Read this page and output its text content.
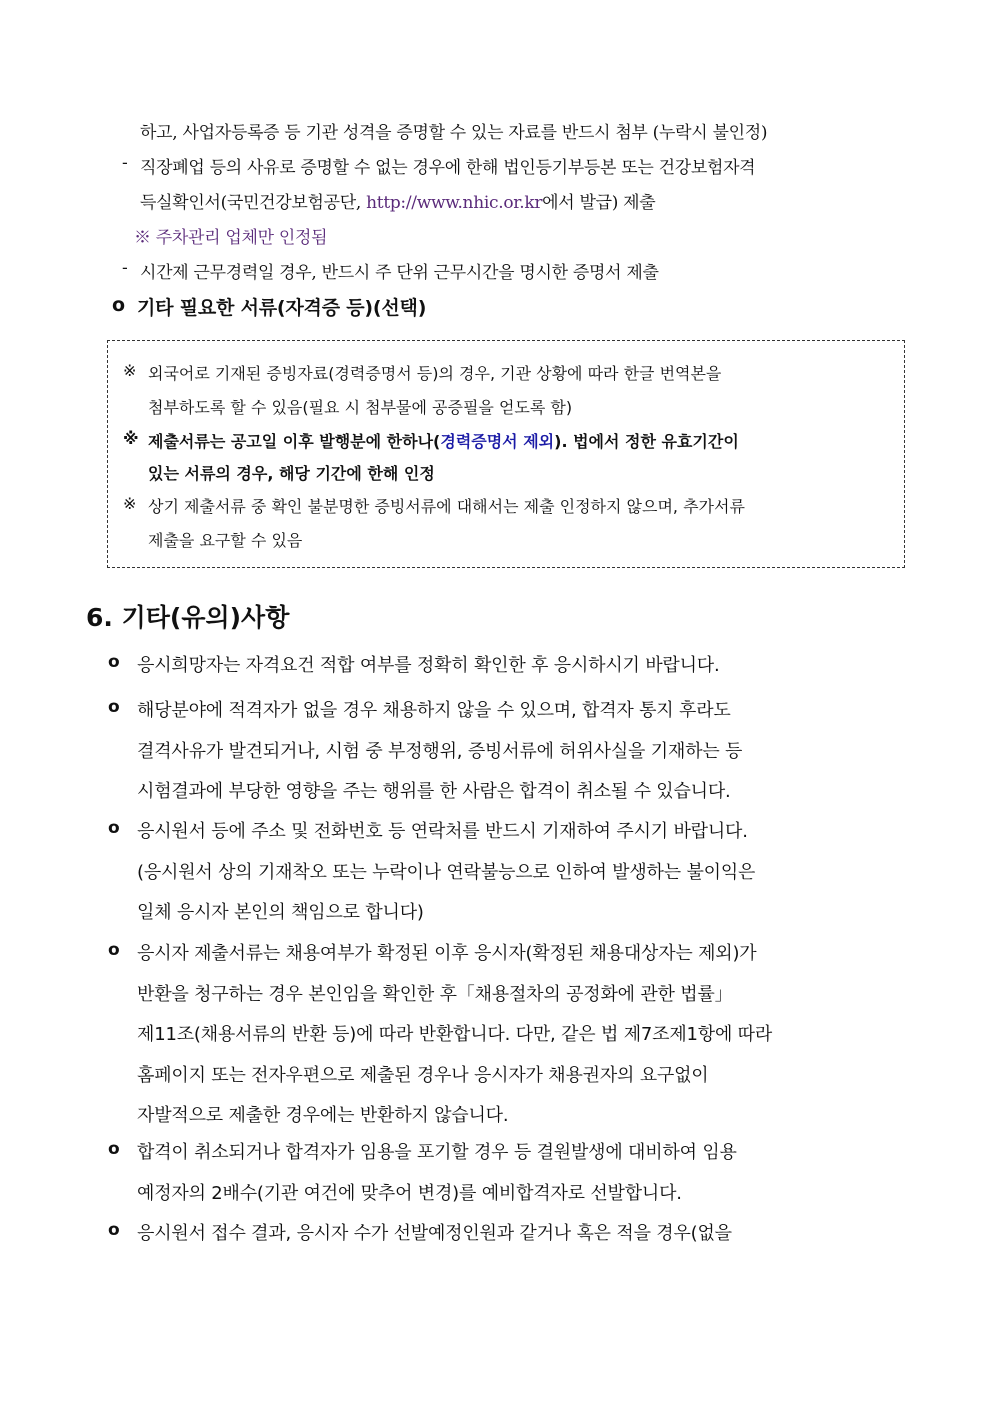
하고, 사업자등록증 등 기관 성격을 증명할 수 있는 자료를 반드시 첨부 (누락시 불인정)
- 직장폐업 등의 사유로 증명할 수 없는 경우에 한해 법인등기부등본 또는 건강보험자격
득실확인서(국민건강보험공단, http://www.nhic.or.kr에서 발급) 제출
※ 주차관리 업체만 인정됨
- 시간제 근무경력일 경우, 반드시 주 단위 근무시간을 명시한 증명서 제출
o 기타 필요한 서류(자격증 등)(선택)
※ 외국어로 기재된 증빙자료(경력증명서 등)의 경우, 기관 상황에 따라 한글 번역본을
첨부하도록 할 수 있음(필요 시 첨부물에 공증필을 얻도록 함)
※ 제출서류는 공고일 이후 발행분에 한하나(경력증명서 제외). 법에서 정한 유효기간이
있는 서류의 경우, 해당 기간에 한해 인정
※ 상기 제출서류 중 확인 불분명한 증빙서류에 대해서는 제출 인정하지 않으며, 추가서류
제출을 요구할 수 있음
6. 기타(유의)사항
o 응시희망자는 자격요건 적합 여부를 정확히 확인한 후 응시하시기 바랍니다.
o 해당분야에 적격자가 없을 경우 채용하지 않을 수 있으며, 합격자 통지 후라도
결격사유가 발견되거나, 시험 중 부정행위, 증빙서류에 허위사실을 기재하는 등
시험결과에 부당한 영향을 주는 행위를 한 사람은 합격이 취소될 수 있습니다.
o 응시원서 등에 주소 및 전화번호 등 연락처를 반드시 기재하여 주시기 바랍니다.
(응시원서 상의 기재착오 또는 누락이나 연락불능으로 인하여 발생하는 불이익은
일체 응시자 본인의 책임으로 합니다)
o 응시자 제출서류는 채용여부가 확정된 이후 응시자(확정된 채용대상자는 제외)가
반환을 청구하는 경우 본인임을 확인한 후「채용절차의 공정화에 관한 법률」
제11조(채용서류의 반환 등)에 따라 반환합니다. 다만, 같은 법 제7조제1항에 따라
홈페이지 또는 전자우편으로 제출된 경우나 응시자가 채용권자의 요구없이
자발적으로 제출한 경우에는 반환하지 않습니다.
o 합격이 취소되거나 합격자가 임용을 포기할 경우 등 결원발생에 대비하여 임용
예정자의 2배수(기관 여건에 맞추어 변경)를 예비합격자로 선발합니다.
o 응시원서 접수 결과, 응시자 수가 선발예정인원과 같거나 혹은 적을 경우(없을
